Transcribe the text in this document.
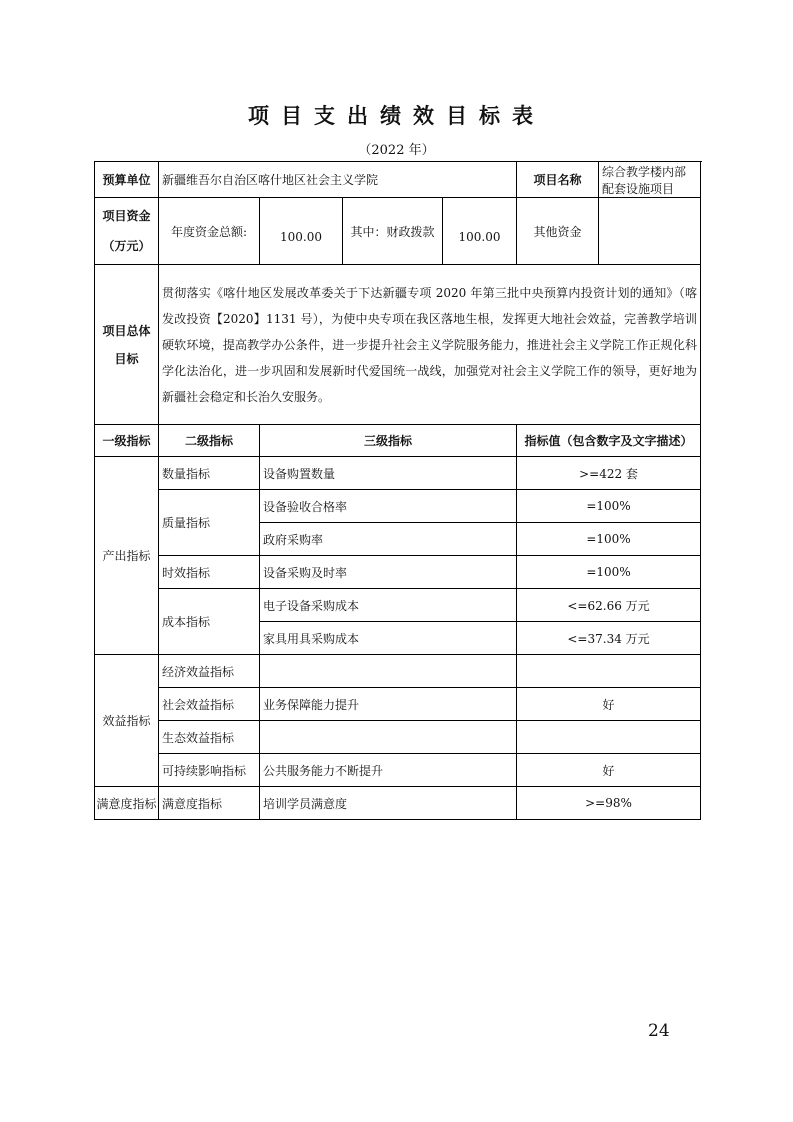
项目支出绩效目标表
（2022 年）
预算单位	新疆维吾尔自治区喀什地区社会主义学院				项目名称	综合教学楼内部配套设施项目

项目资金
（万元）	年度资金总额:	100.00	其中：财政拨款	100.00	其他资金	
项目总体目标	贯彻落实《喀什地区发展改革委关于下达新疆专项 2020 年第三批中央预算内投资计划的通知》（喀发改投资【2020】1131 号），为使中央专项在我区落地生根，发挥更大地社会效益，完善教学培训硬软环境，提高教学办公条件，进一步提升社会主义学院服务能力，推进社会主义学院工作正规化科学化法治化，进一步巩固和发展新时代爱国统一战线，加强党对社会主义学院工作的领导，更好地为新疆社会稳定和长治久安服务。					
一级指标	二级指标	三级指标			指标值（包含数字及文字描述）	
产出指标	数量指标	设备购置数量			>=422 套	
	质量指标	设备验收合格率			=100%	
		政府采购率			=100%	
	时效指标	设备采购及时率			=100%	
	成本指标	电子设备采购成本			<=62.66 万元	
		家具用具采购成本			<=37.34 万元	
效益指标	经济效益指标					
	社会效益指标	业务保障能力提升			好	
	生态效益指标					
	可持续影响指标	公共服务能力不断提升			好	
满意度指标	满意度指标	培训学员满意度			>=98%	
24
